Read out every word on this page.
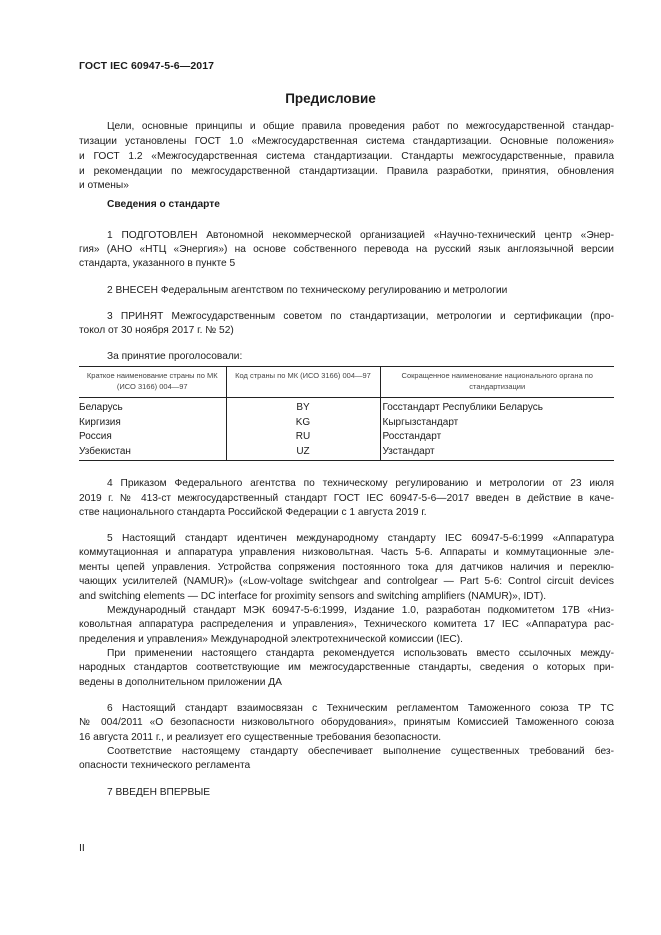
ГОСТ IEC 60947-5-6—2017
Предисловие
Цели, основные принципы и общие правила проведения работ по межгосударственной стандар-
тизации установлены ГОСТ 1.0 «Межгосударственная система стандартизации. Основные положения»
и ГОСТ 1.2 «Межгосударственная система стандартизации. Стандарты межгосударственные, правила
и рекомендации по межгосударственной стандартизации. Правила разработки, принятия, обновления
и отмены»
Сведения о стандарте
1 ПОДГОТОВЛЕН Автономной некоммерческой организацией «Научно-технический центр «Энер-
гия» (АНО «НТЦ «Энергия») на основе собственного перевода на русский язык англоязычной версии
стандарта, указанного в пункте 5
2 ВНЕСЕН Федеральным агентством по техническому регулированию и метрологии
3 ПРИНЯТ Межгосударственным советом по стандартизации, метрологии и сертификации (про-
токол от 30 ноября 2017 г. № 52)
За принятие проголосовали:
Краткое наименование страны по МК (ИСО 3166) 004—97	Код страны по МК (ИСО 3166) 004—97	Сокращенное наименование национального органа по стандартизации
Беларусь	BY	Госстандарт Республики Беларусь
Киргизия	KG	Кыргызстандарт
Россия	RU	Росстандарт
Узбекистан	UZ	Узстандарт
4 Приказом Федерального агентства по техническому регулированию и метрологии от 23 июля
2019 г. № 413-ст межгосударственный стандарт ГОСТ IEC 60947-5-6—2017 введен в действие в каче-
стве национального стандарта Российской Федерации с 1 августа 2019 г.
5 Настоящий стандарт идентичен международному стандарту IEC 60947-5-6:1999 «Аппаратура
коммутационная и аппаратура управления низковольтная. Часть 5-6. Аппараты и коммутационные эле-
менты цепей управления. Устройства сопряжения постоянного тока для датчиков наличия и переклю-
чающих усилителей (NAMUR)» («Low-voltage switchgear and controlgear — Part 5-6: Control circuit devices
and switching elements — DC interface for proximity sensors and switching amplifiers (NAMUR)», IDT).
Международный стандарт МЭК 60947-5-6:1999, Издание 1.0, разработан подкомитетом 17В «Низ-
ковольтная аппаратура распределения и управления», Технического комитета 17 IEC «Аппаратура рас-
пределения и управления» Международной электротехнической комиссии (IEC).
При применении настоящего стандарта рекомендуется использовать вместо ссылочных между-
народных стандартов соответствующие им межгосударственные стандарты, сведения о которых при-
ведены в дополнительном приложении ДА
6 Настоящий стандарт взаимосвязан с Техническим регламентом Таможенного союза ТР ТС
№ 004/2011 «О безопасности низковольтного оборудования», принятым Комиссией Таможенного союза
16 августа 2011 г., и реализует его существенные требования безопасности.
Соответствие настоящему стандарту обеспечивает выполнение существенных требований без-
опасности технического регламента
7 ВВЕДЕН ВПЕРВЫЕ
II
